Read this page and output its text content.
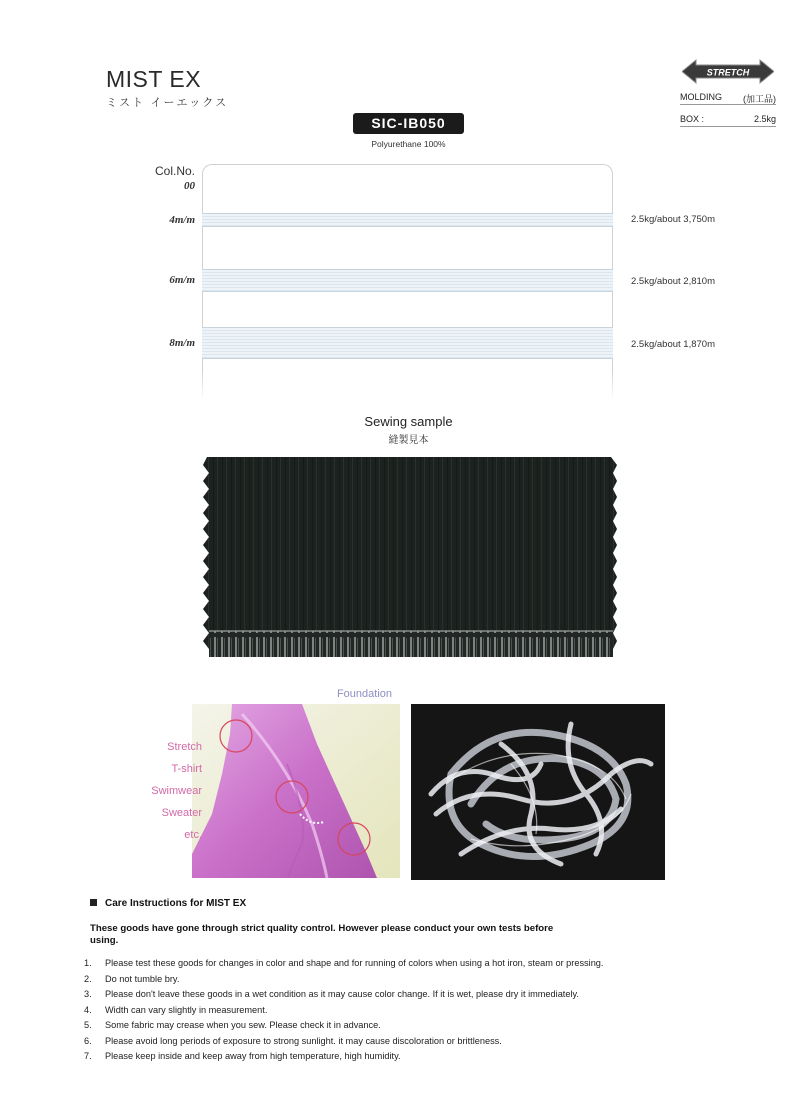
MIST EX
ミスト イーエックス
STRETCH
MOLDING (加工品)
BOX :	2.5kg
SIC-IB050
Polyurethane 100%
Col.No.
00
4m/m
6m/m
8m/m
2.5kg/about 3,750m
2.5kg/about 2,810m
2.5kg/about 1,870m
Sewing sample
縫製見本
Foundation
Stretch
T-shirt
Swimwear
Sweater
etc.
Care Instructions for MIST EX
These goods have gone through strict quality control. However please conduct your own tests before using.
1. Please test these goods for changes in color and shape and for running of colors when using a hot iron, steam or pressing.
2. Do not tumble bry.
3. Please don't leave these goods in a wet condition as it may cause color change. If it is wet, please dry it immediately.
4. Width can vary slightly in measurement.
5. Some fabric may crease when you sew. Please check it in advance.
6. Please avoid long periods of exposure to strong sunlight. it may cause discoloration or brittleness.
7. Please keep inside and keep away from high temperature, high humidity.
